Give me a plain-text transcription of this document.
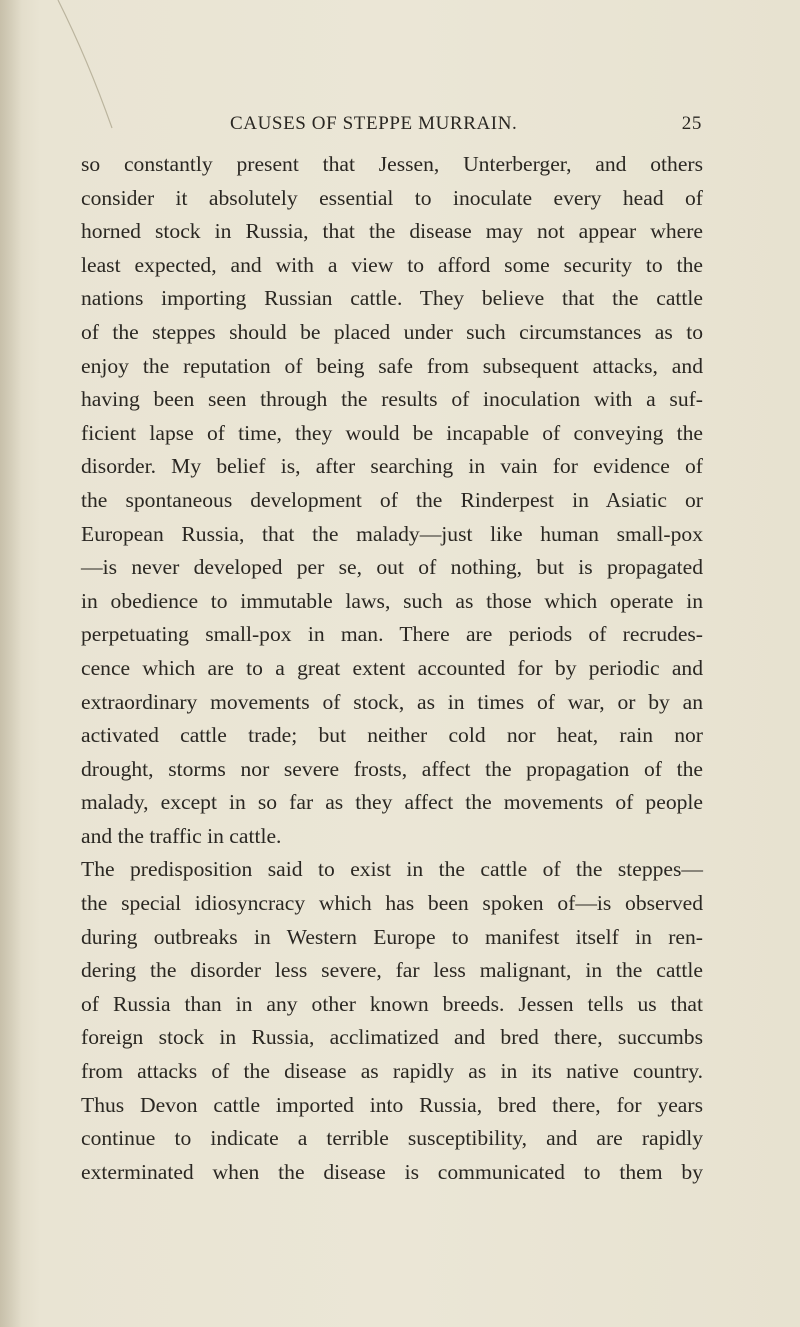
CAUSES OF STEPPE MURRAIN.	25

so constantly present that Jessen, Unterberger, and others

consider it absolutely essential to inoculate every head of

horned stock in Russia, that the disease may not appear where

least expected, and with a view to afford some security to the

nations importing Russian cattle. They believe that the cattle

of the steppes should be placed under such circumstances as to

enjoy the reputation of being safe from subsequent attacks, and

having been seen through the results of inoculation with a suf-

ficient lapse of time, they would be incapable of conveying the

disorder. My belief is, after searching in vain for evidence of

the spontaneous development of the Rinderpest in Asiatic or

European Russia, that the malady—just like human small-pox

—is never developed per se, out of nothing, but is propagated

in obedience to immutable laws, such as those which operate in

perpetuating small-pox in man. There are periods of recrudes-

cence which are to a great extent accounted for by periodic and

extraordinary movements of stock, as in times of war, or by an

activated cattle trade; but neither cold nor heat, rain nor

drought, storms nor severe frosts, affect the propagation of the

malady, except in so far as they affect the movements of people

and the traffic in cattle.

The predisposition said to exist in the cattle of the steppes—

the special idiosyncracy which has been spoken of—is observed

during outbreaks in Western Europe to manifest itself in ren-

dering the disorder less severe, far less malignant, in the cattle

of Russia than in any other known breeds. Jessen tells us that

foreign stock in Russia, acclimatized and bred there, succumbs

from attacks of the disease as rapidly as in its native country.

Thus Devon cattle imported into Russia, bred there, for years

continue to indicate a terrible susceptibility, and are rapidly

exterminated when the disease is communicated to them by
